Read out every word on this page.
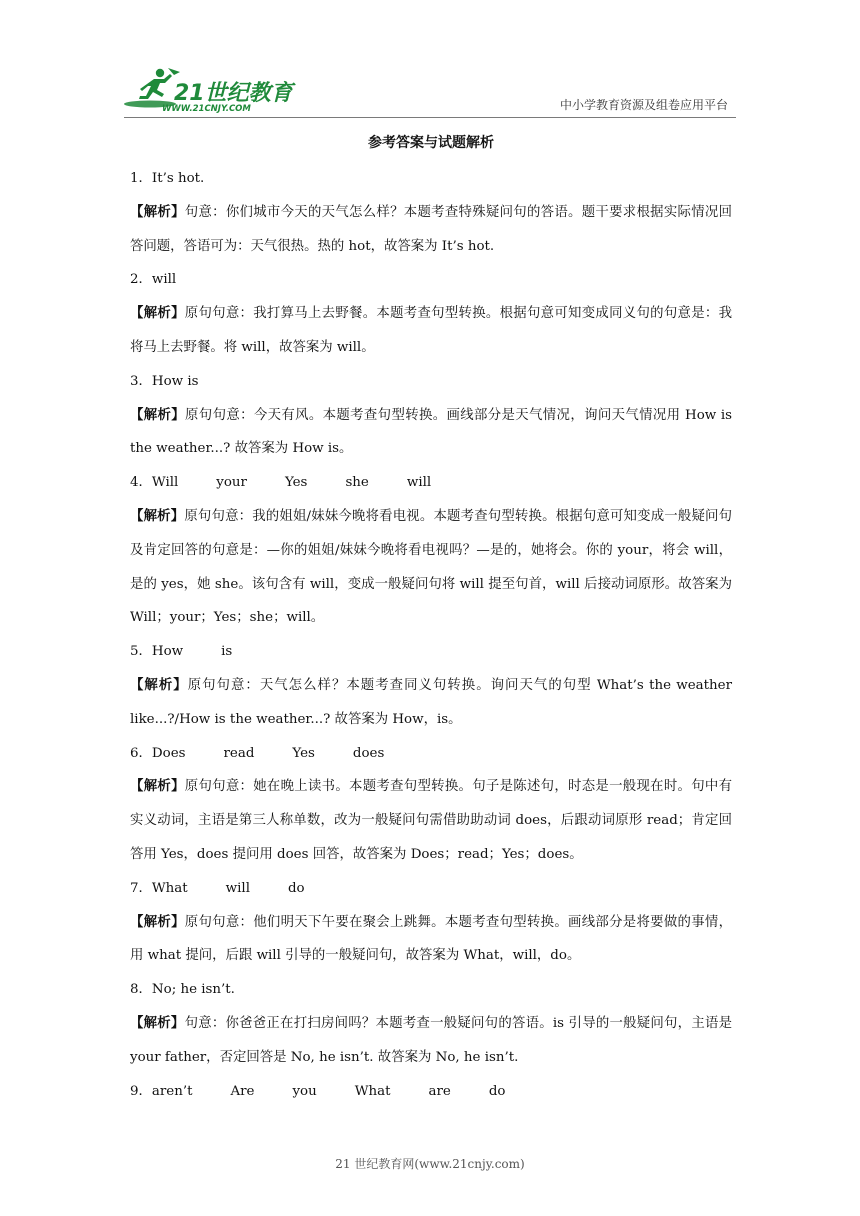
21世纪教育
WWW.21CNJY.COM	中小学教育资源及组卷应用平台
参考答案与试题解析

1．It’s hot.

【解析】句意：你们城市今天的天气怎么样？本题考查特殊疑问句的答语。题干要求根据实际情况回答问题，答语可为：天气很热。热的 hot，故答案为 It’s hot.

2．will

【解析】原句句意：我打算马上去野餐。本题考查句型转换。根据句意可知变成同义句的句意是：我将马上去野餐。将 will，故答案为 will。

3．How is

【解析】原句句意：今天有风。本题考查句型转换。画线部分是天气情况，询问天气情况用 How is the weather...? 故答案为 How is。

4．Will	your	Yes	she	will

【解析】原句句意：我的姐姐/妹妹今晚将看电视。本题考查句型转换。根据句意可知变成一般疑问句及肯定回答的句意是：—你的姐姐/妹妹今晚将看电视吗？—是的，她将会。你的 your，将会 will，是的 yes，她 she。该句含有 will，变成一般疑问句将 will 提至句首，will 后接动词原形。故答案为 Will；your；Yes；she；will。

5．How	is

【解析】原句句意：天气怎么样？本题考查同义句转换。询问天气的句型 What’s the weather like...?/How is the weather...? 故答案为 How，is。

6．Does	read	Yes	does

【解析】原句句意：她在晚上读书。本题考查句型转换。句子是陈述句，时态是一般现在时。句中有实义动词，主语是第三人称单数，改为一般疑问句需借助助动词 does，后跟动词原形 read；肯定回答用 Yes，does 提问用 does 回答，故答案为 Does；read；Yes；does。

7．What	will	do

【解析】原句句意：他们明天下午要在聚会上跳舞。本题考查句型转换。画线部分是将要做的事情，用 what 提问，后跟 will 引导的一般疑问句，故答案为 What，will，do。

8．No; he isn’t.

【解析】句意：你爸爸正在打扫房间吗？本题考查一般疑问句的答语。is 引导的一般疑问句，主语是 your father，否定回答是 No, he isn’t. 故答案为 No, he isn’t.

9．aren’t	Are	you	What	are	do

21 世纪教育网(www.21cnjy.com)
